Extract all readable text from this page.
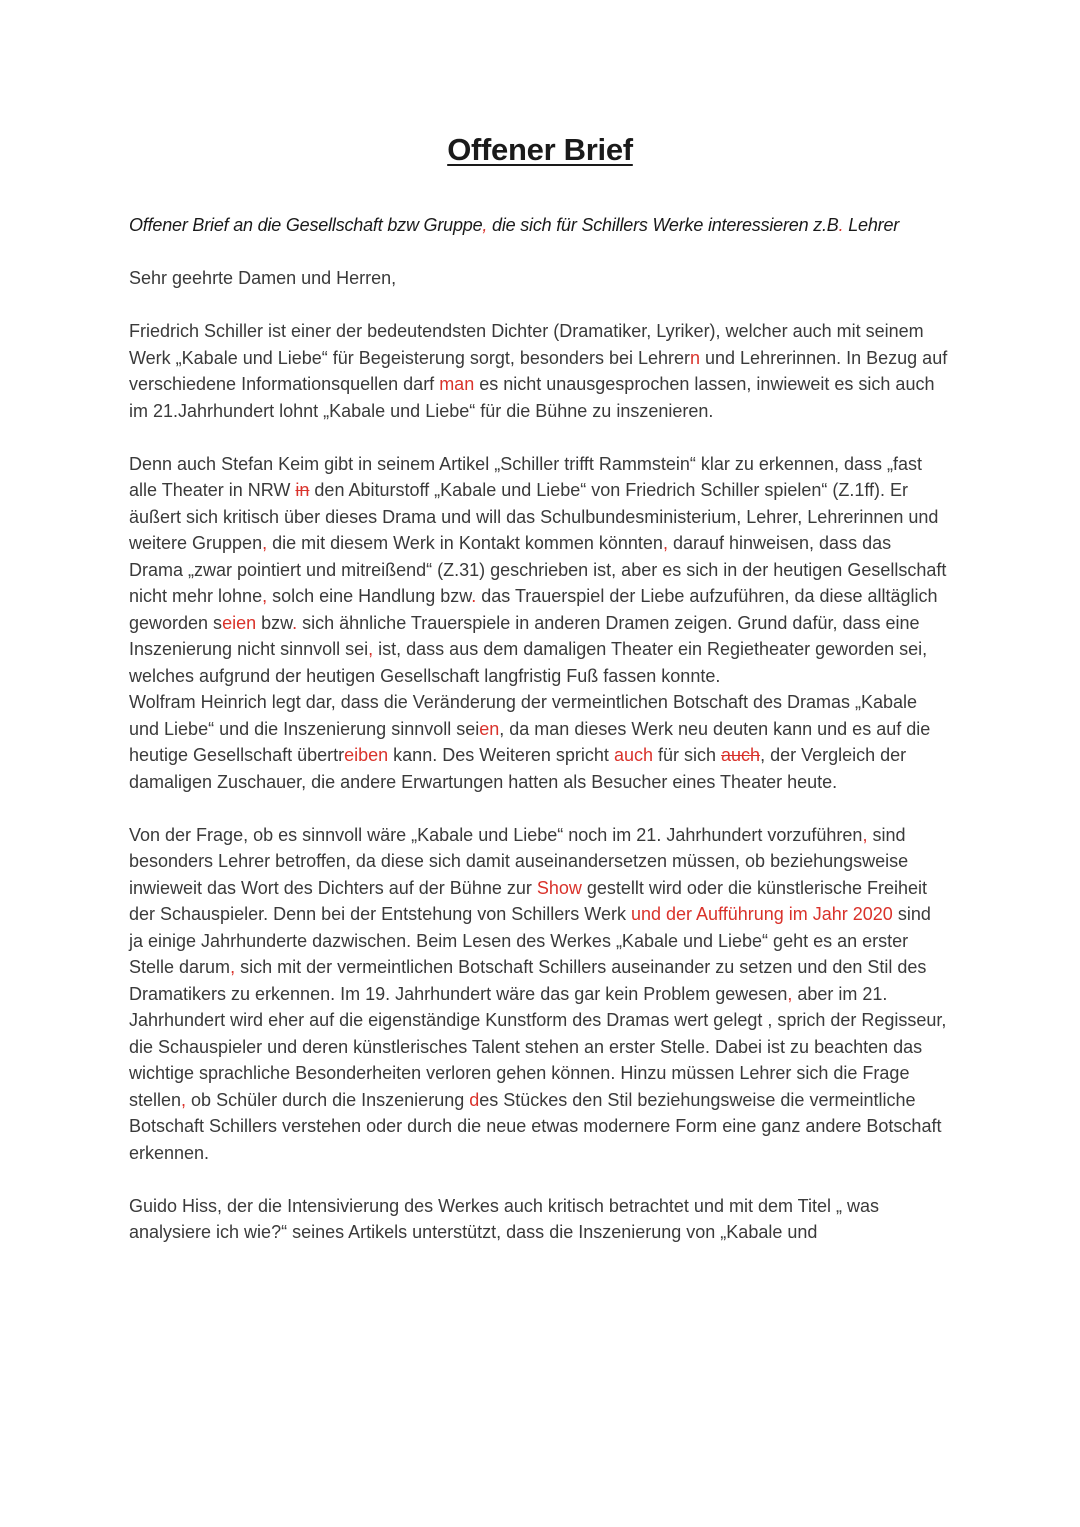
Offener Brief
Offener Brief an die Gesellschaft bzw Gruppe, die sich für Schillers Werke interessieren z.B. Lehrer
Sehr geehrte Damen und Herren,
Friedrich Schiller ist einer der bedeutendsten Dichter (Dramatiker, Lyriker), welcher auch mit seinem Werk „Kabale und Liebe“ für Begeisterung sorgt, besonders bei Lehrern und Lehrerinnen. In Bezug auf verschiedene Informationsquellen darf man es nicht unausgesprochen lassen, inwieweit es sich auch im 21.Jahrhundert lohnt „Kabale und Liebe“ für die Bühne zu inszenieren.
Denn auch Stefan Keim gibt in seinem Artikel „Schiller trifft Rammstein“ klar zu erkennen, dass „fast alle Theater in NRW in den Abiturstoff „Kabale und Liebe“ von Friedrich Schiller spielen“ (Z.1ff). Er äußert sich kritisch über dieses Drama und will das Schulbundesministerium, Lehrer, Lehrerinnen und weitere Gruppen, die mit diesem Werk in Kontakt kommen könnten, darauf hinweisen, dass das Drama „zwar pointiert und mitreißend“ (Z.31) geschrieben ist, aber es sich in der heutigen Gesellschaft nicht mehr lohne, solch eine Handlung bzw. das Trauerspiel der Liebe aufzuführen, da diese alltäglich geworden seien bzw. sich ähnliche Trauerspiele in anderen Dramen zeigen. Grund dafür, dass eine Inszenierung nicht sinnvoll sei, ist, dass aus dem damaligen Theater ein Regietheater geworden sei, welches aufgrund der heutigen Gesellschaft langfristig Fuß fassen konnte.
Wolfram Heinrich legt dar, dass die Veränderung der vermeintlichen Botschaft des Dramas „Kabale und Liebe“ und die Inszenierung sinnvoll seien, da man dieses Werk neu deuten kann und es auf die heutige Gesellschaft übertreiben kann. Des Weiteren spricht auch für sich auch, der Vergleich der damaligen Zuschauer, die andere Erwartungen hatten als Besucher eines Theater heute.
Von der Frage, ob es sinnvoll wäre „Kabale und Liebe“ noch im 21. Jahrhundert vorzuführen, sind besonders Lehrer betroffen, da diese sich damit auseinandersetzen müssen, ob beziehungsweise inwieweit das Wort des Dichters auf der Bühne zur Show gestellt wird oder die künstlerische Freiheit der Schauspieler. Denn bei der Entstehung von Schillers Werk und der Aufführung im Jahr 2020 sind ja einige Jahrhunderte dazwischen. Beim Lesen des Werkes „Kabale und Liebe“ geht es an erster Stelle darum, sich mit der vermeintlichen Botschaft Schillers auseinander zu setzen und den Stil des Dramatikers zu erkennen. Im 19. Jahrhundert wäre das gar kein Problem gewesen, aber im 21. Jahrhundert wird eher auf die eigenständige Kunstform des Dramas wert gelegt , sprich der Regisseur, die Schauspieler und deren künstlerisches Talent stehen an erster Stelle. Dabei ist zu beachten das wichtige sprachliche Besonderheiten verloren gehen können. Hinzu müssen Lehrer sich die Frage stellen, ob Schüler durch die Inszenierung des Stückes den Stil beziehungsweise die vermeintliche Botschaft Schillers verstehen oder durch die neue etwas modernere Form eine ganz andere Botschaft erkennen.
Guido Hiss, der die Intensivierung des Werkes auch kritisch betrachtet und mit dem Titel „ was analysiere ich wie?“ seines Artikels unterstützt, dass die Inszenierung von „Kabale und
